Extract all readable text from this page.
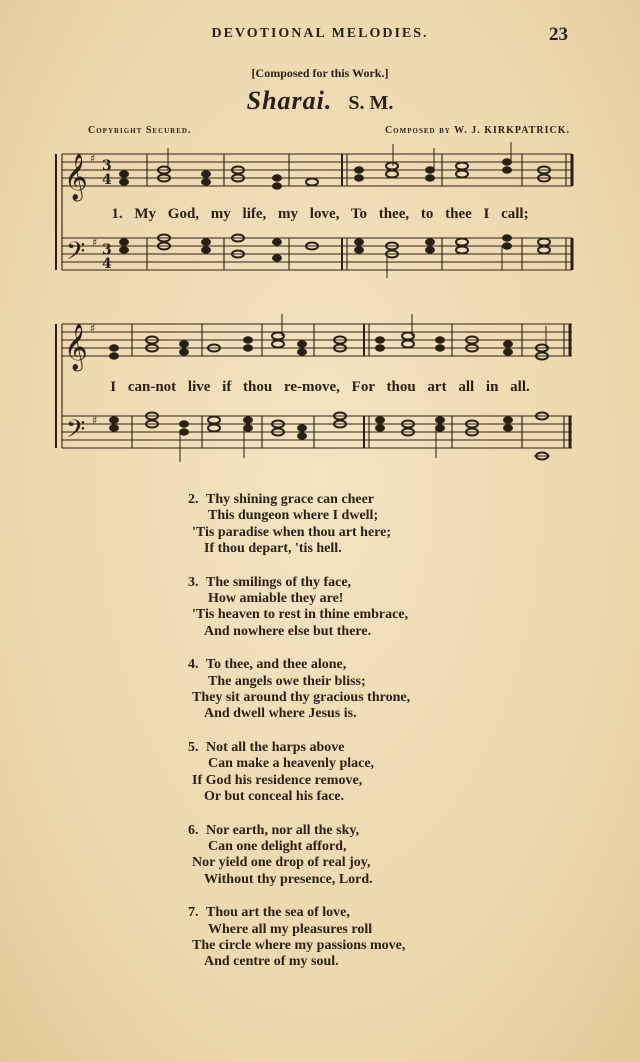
DEVOTIONAL MELODIES.	23
[Composed for this Work.]
Sharai. S. M.
Copyright Secured.	Composed by W. J. KIRKPATRICK.
𝄞
𝄢
♯
♯
3
4
3
4
1. My God, my life, my love, To thee, to thee I call;
𝄞
𝄢
♯
♯
I can-not live if thou re-move, For thou art all in all.
2. Thy shining grace can cheer
This dungeon where I dwell;
'Tis paradise when thou art here;
If thou depart, 'tis hell.
3. The smilings of thy face,
How amiable they are!
'Tis heaven to rest in thine embrace,
And nowhere else but there.
4. To thee, and thee alone,
The angels owe their bliss;
They sit around thy gracious throne,
And dwell where Jesus is.
5. Not all the harps above
Can make a heavenly place,
If God his residence remove,
Or but conceal his face.
6. Nor earth, nor all the sky,
Can one delight afford,
Nor yield one drop of real joy,
Without thy presence, Lord.
7. Thou art the sea of love,
Where all my pleasures roll
The circle where my passions move,
And centre of my soul.
